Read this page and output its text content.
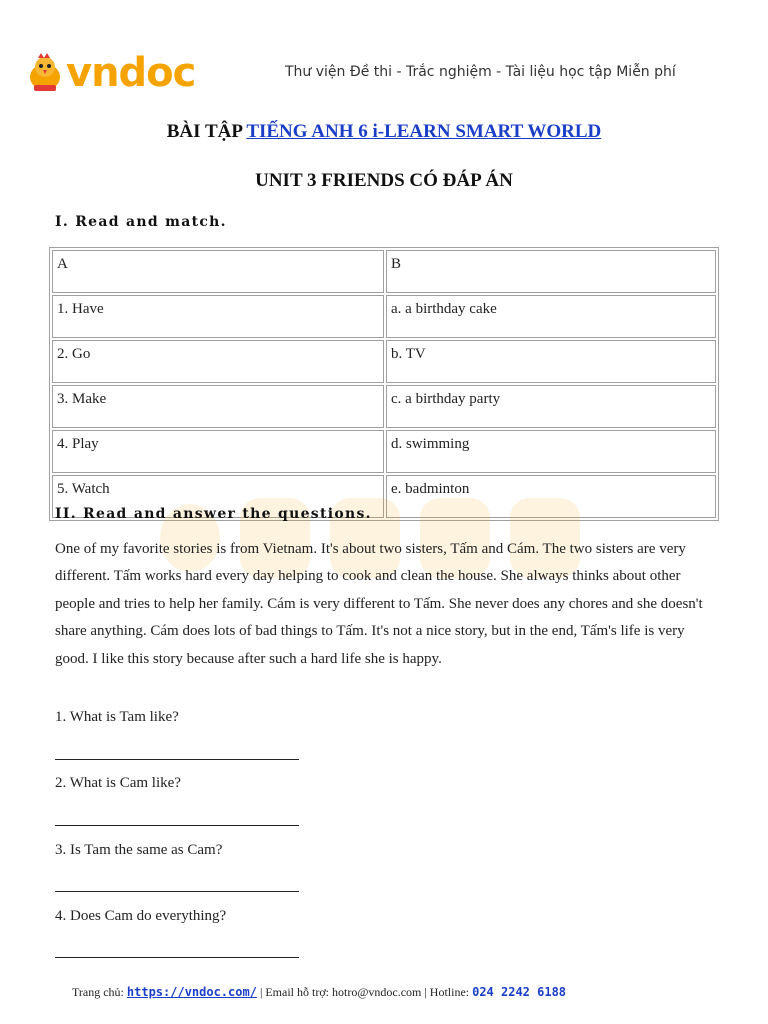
vndoc	Thư viện Đề thi - Trắc nghiệm - Tài liệu học tập Miễn phí
BÀI TẬP TIẾNG ANH 6 i-LEARN SMART WORLD
UNIT 3 FRIENDS CÓ ĐÁP ÁN
I. Read and match.
A	B
1. Have	a. a birthday cake
2. Go	b. TV
3. Make	c. a birthday party
4. Play	d. swimming
5. Watch	e. badminton
II. Read and answer the questions.
One of my favorite stories is from Vietnam. It's about two sisters, Tấm and Cám. The two sisters are very different. Tấm works hard every day helping to cook and clean the house. She always thinks about other people and tries to help her family. Cám is very different to Tấm. She never does any chores and she doesn't share anything. Cám does lots of bad things to Tấm. It's not a nice story, but in the end, Tấm's life is very good. I like this story because after such a hard life she is happy.
1. What is Tam like?
2. What is Cam like?
3. Is Tam the same as Cam?
4. Does Cam do everything?
Trang chủ: https://vndoc.com/ | Email hỗ trợ: hotro@vndoc.com | Hotline: 024 2242 6188
